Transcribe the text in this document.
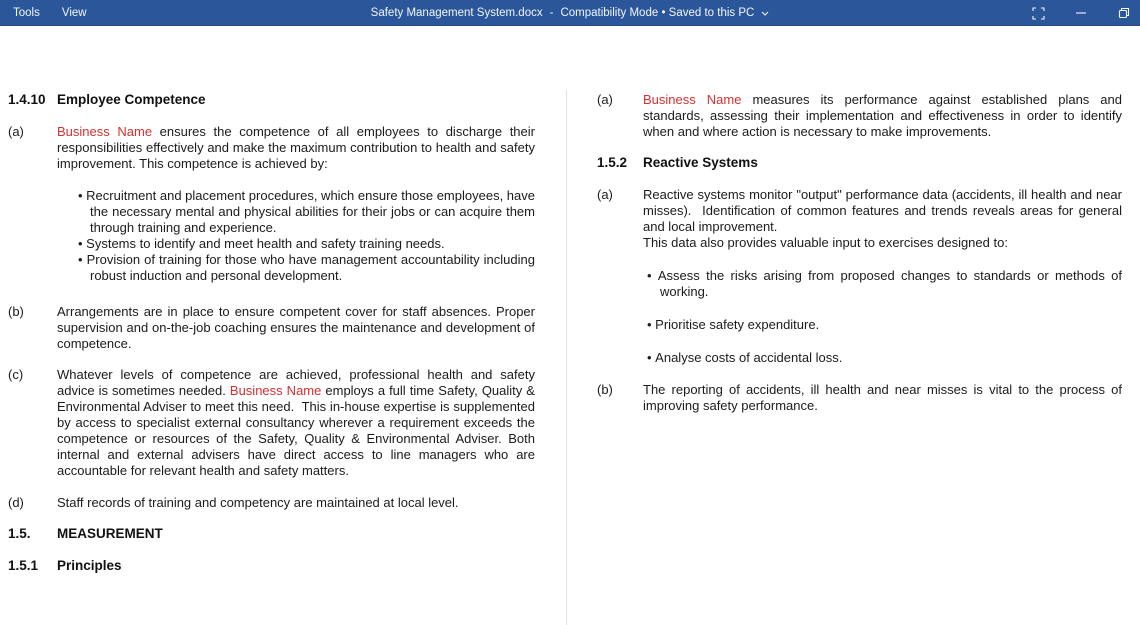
Tools View	Safety Management System.docx - Compatibility Mode • Saved to this PC
1.4.10 Employee Competence
(a)	Business Name ensures the competence of all employees to discharge their responsibilities effectively and make the maximum contribution to health and safety improvement. This competence is achieved by:
• Recruitment and placement procedures, which ensure those employees, have the necessary mental and physical abilities for their jobs or can acquire them through training and experience.
• Systems to identify and meet health and safety training needs.
• Provision of training for those who have management accountability including robust induction and personal development.
(b)	Arrangements are in place to ensure competent cover for staff absences. Proper supervision and on-the-job coaching ensures the maintenance and development of competence.
(c)	Whatever levels of competence are achieved, professional health and safety advice is sometimes needed. Business Name employs a full time Safety, Quality & Environmental Adviser to meet this need.  This in-house expertise is supplemented by access to specialist external consultancy wherever a requirement exceeds the competence or resources of the Safety, Quality & Environmental Adviser. Both internal and external advisers have direct access to line managers who are accountable for relevant health and safety matters.
(d)	Staff records of training and competency are maintained at local level.
1.5.	MEASUREMENT
1.5.1	Principles
(a)	Business Name measures its performance against established plans and standards, assessing their implementation and effectiveness in order to identify when and where action is necessary to make improvements.
1.5.2	Reactive Systems
(a)	Reactive systems monitor "output" performance data (accidents, ill health and near misses).  Identification of common features and trends reveals areas for general and local improvement.
This data also provides valuable input to exercises designed to:
• Assess the risks arising from proposed changes to standards or methods of working.
• Prioritise safety expenditure.
• Analyse costs of accidental loss.
(b)	The reporting of accidents, ill health and near misses is vital to the process of improving safety performance.
